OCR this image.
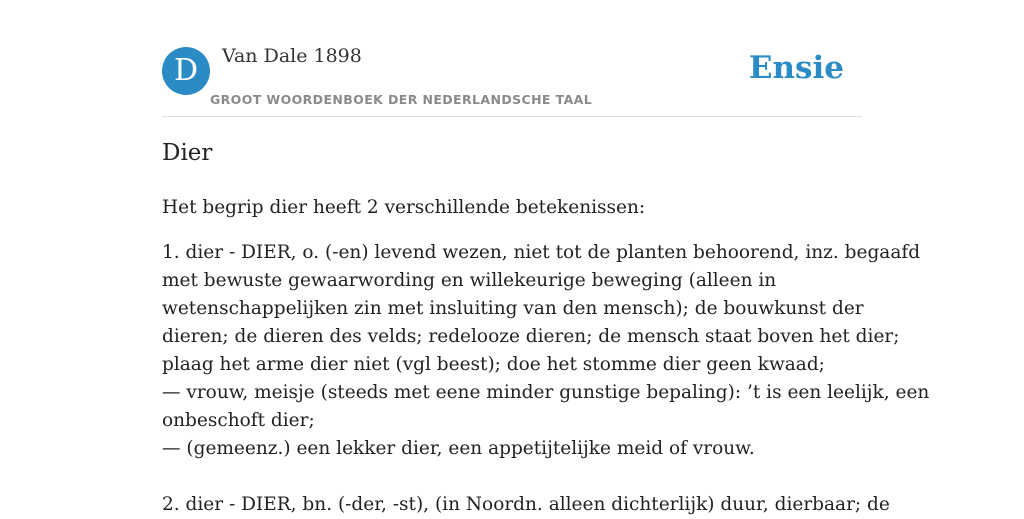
D	Van Dale 1898
GROOT WOORDENBOEK DER NEDERLANDSCHE TAAL
Ensie
Dier

Het begrip dier heeft 2 verschillende betekenissen:

1. dier - DIER, o. (-en) levend wezen, niet tot de planten behoorend, inz. begaafd
met bewuste gewaarwording en willekeurige beweging (alleen in
wetenschappelijken zin met insluiting van den mensch); de bouwkunst der
dieren; de dieren des velds; redelooze dieren; de mensch staat boven het dier;
plaag het arme dier niet (vgl beest); doe het stomme dier geen kwaad;
— vrouw, meisje (steeds met eene minder gunstige bepaling): ’t is een leelijk, een
onbeschoft dier;
— (gemeenz.) een lekker dier, een appetijtelijke meid of vrouw.

2. dier - DIER, bn. (-der, -st), (in Noordn. alleen dichterlijk) duur, dierbaar; de
